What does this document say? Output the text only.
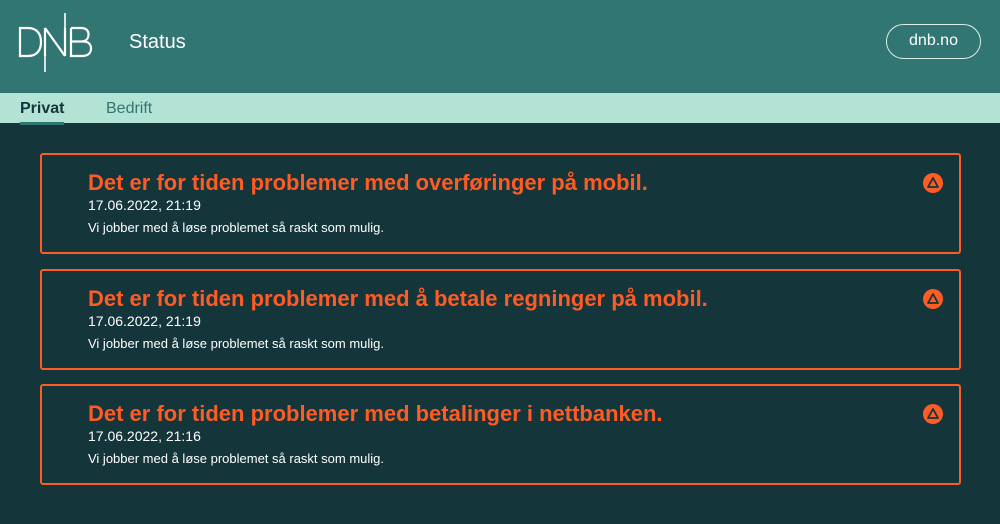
Status	dnb.no
Privat	Bedrift
Det er for tiden problemer med overføringer på mobil.
17.06.2022, 21:19
Vi jobber med å løse problemet så raskt som mulig.
Det er for tiden problemer med å betale regninger på mobil.
17.06.2022, 21:19
Vi jobber med å løse problemet så raskt som mulig.
Det er for tiden problemer med betalinger i nettbanken.
17.06.2022, 21:16
Vi jobber med å løse problemet så raskt som mulig.
